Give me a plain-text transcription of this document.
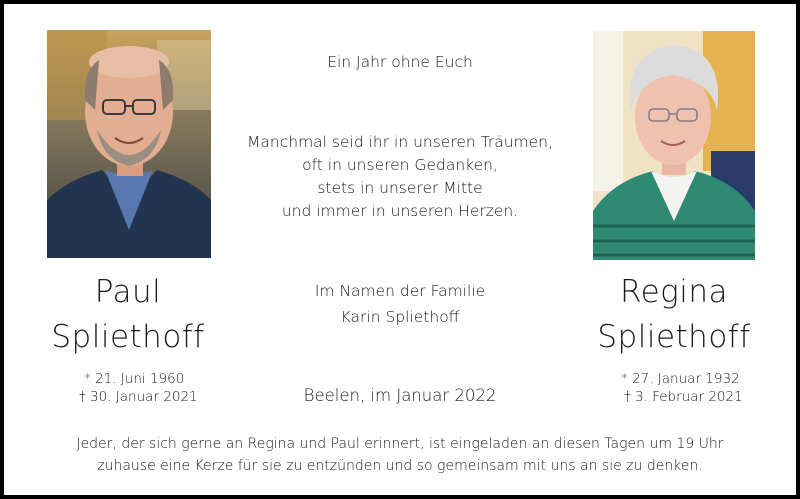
Paul
Spliethoff
* 21. Juni 1960
† 30. Januar 2021
Regina
Spliethoff
* 27. Januar 1932
† 3. Februar 2021
Ein Jahr ohne Euch
Manchmal seid ihr in unseren Träumen,
oft in unseren Gedanken,
stets in unserer Mitte
und immer in unseren Herzen.
Im Namen der Familie
Karin Spliethoff
Beelen, im Januar 2022
Jeder, der sich gerne an Regina und Paul erinnert, ist eingeladen an diesen Tagen um 19 Uhr
zuhause eine Kerze für sie zu entzünden und so gemeinsam mit uns an sie zu denken.
